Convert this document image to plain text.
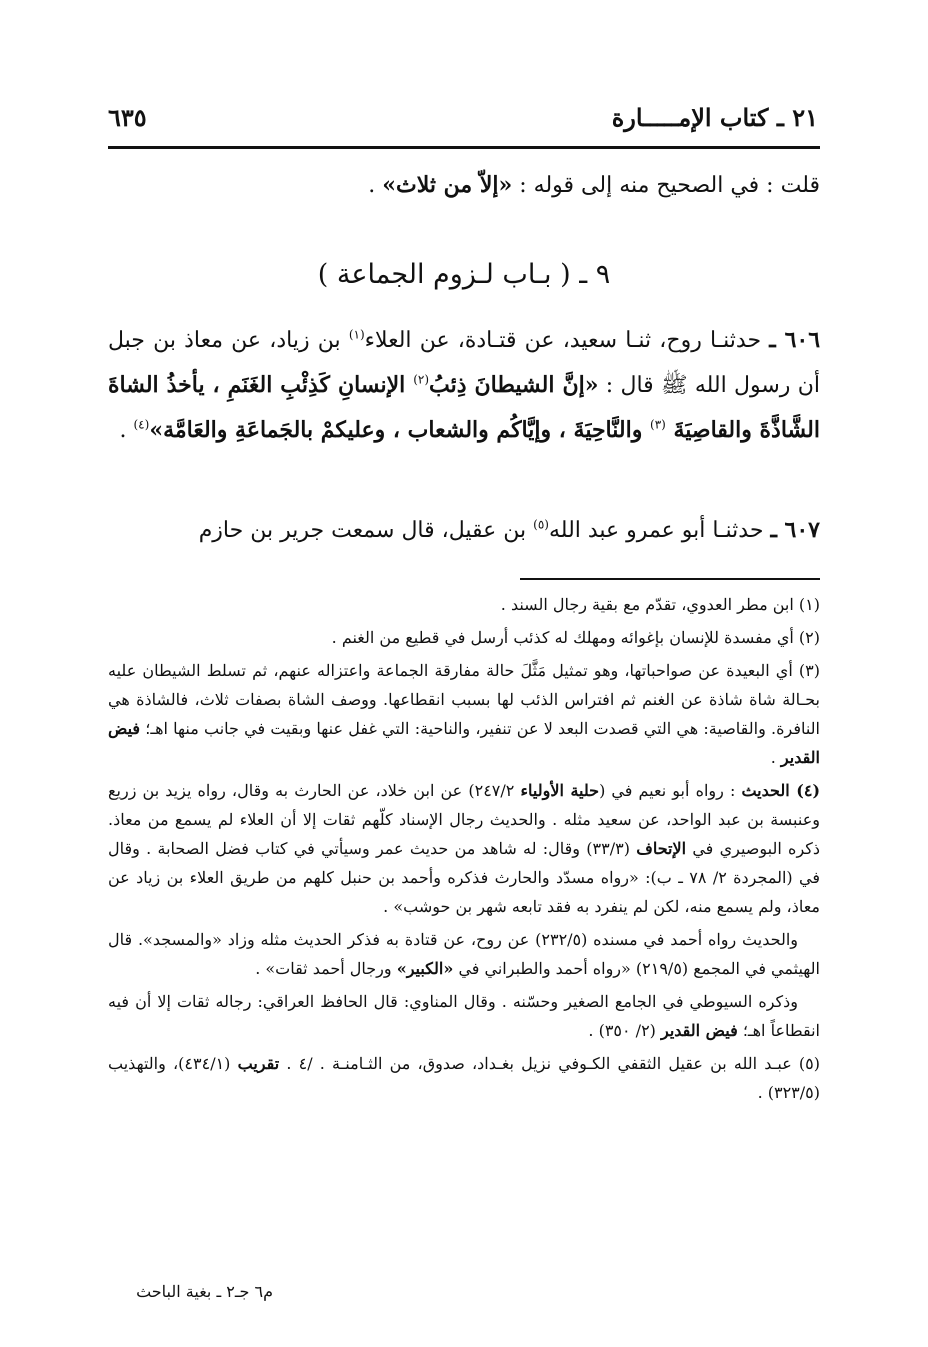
٢١ ـ كتاب الإمـــــارة
٦٣٥
قلت : في الصحيح منه إلى قوله : «إلاّ من ثلاث» .
٩ ـ ( بـاب لـزوم الجماعة )
٦٠٦ ـ حدثنـا روح، ثنـا سعيد، عن قتـادة، عن العلاء$^{(١)}$ بن زياد، عن معاذ بن جبل أن رسول الله ﷺ قال : «إنَّ الشيطانَ ذِئبُ$^{(٢)}$ الإنسانِ كَذِئْبِ الغَنَمِ ، يأخذُ الشاةَ الشَّاذَّةَ والقاصِيَةَ $^{(٣)}$ والنَّاحِيَةَ ، وإيَّاكُم والشعاب ، وعليكمْ بالجَماعَةِ والعَامَّة»$^{(٤)}$ .
٦٠٧ ـ حدثنـا أبو عمرو عبد الله$^{(٥)}$ بن عقيل، قال سمعت جرير بن حازم

(١) ابن مطر العدوي، تقدّم مع بقية رجال السند .

(٢) أي مفسدة للإنسان بإغوائه ومهلك له كذئب أرسل في قطيع من الغنم .

(٣) أي البعيدة عن صواحباتها، وهو تمثيل مَثَّلَ حالة مفارقة الجماعة واعتزاله عنهم، ثم تسلط الشيطان عليه بحـالة شاة شاذة عن الغنم ثم افتراس الذئب لها بسبب انقطاعها. ووصف الشاة بصفات ثلاث، فالشاذة هي النافرة. والقاصية: هي التي قصدت البعد لا عن تنفير، والناحية: التي غفل عنها وبقيت في جانب منها اهـ؛ فيض القدير .

(٤) الحديث : رواه أبو نعيم في (حلية الأولياء ٢٤٧/٢) عن ابن خلاد، عن الحارث به وقال، رواه يزيد بن زريع وعنبسة بن عبد الواحد، عن سعيد مثله . والحديث رجال الإسناد كلّهم ثقات إلا أن العلاء لم يسمع من معاذ. ذكره البوصيري في الإتحاف (٣٣/٣) وقال: له شاهد من حديث عمر وسيأتي في كتاب فضل الصحابة . وقال في (المجردة ٢/ ٧٨ ـ ب): «رواه مسدّد والحارث فذكره وأحمد بن حنبل كلهم من طريق العلاء بن زياد عن معاذ، ولم يسمع منه، لكن لم ينفرد به فقد تابعه شهر بن حوشب» .

والحديث رواه أحمد في مسنده (٢٣٢/٥) عن روح، عن قتادة به فذكر الحديث مثله وزاد «والمسجد». قال الهيثمي في المجمع (٢١٩/٥) «رواه أحمد والطبراني في «الكبير» ورجال أحمد ثقات» .

وذكره السيوطي في الجامع الصغير وحسّنه . وقال المناوي: قال الحافظ العراقي: رجاله ثقات إلا أن فيه انقطاعاً اهـ؛ فيض القدير (٢/ ٣٥٠) .

(٥) عبـد الله بن عقيل الثقفي الكـوفي نزيل بغـداد، صدوق، من الثـامنـة . /٤ . تقريب (٤٣٤/١)، والتهذيب (٣٢٣/٥) .

م٦ جـ٢ ـ بغية الباحث
